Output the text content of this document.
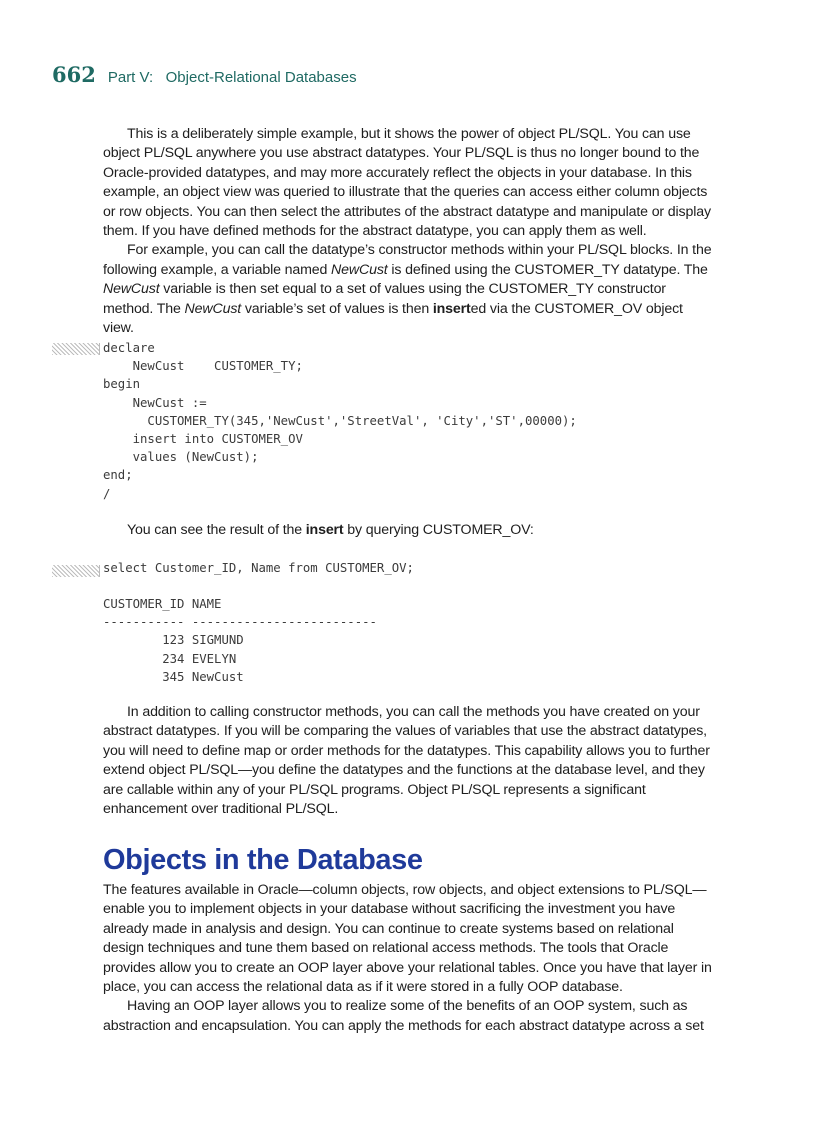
662 Part V:   Object-Relational Databases

This is a deliberately simple example, but it shows the power of object PL/SQL. You can use object PL/SQL anywhere you use abstract datatypes. Your PL/SQL is thus no longer bound to the Oracle-provided datatypes, and may more accurately reflect the objects in your database. In this example, an object view was queried to illustrate that the queries can access either column objects or row objects. You can then select the attributes of the abstract datatype and manipulate or display them. If you have defined methods for the abstract datatype, you can apply them as well.

For example, you can call the datatype’s constructor methods within your PL/SQL blocks. In the following example, a variable named NewCust is defined using the CUSTOMER_TY datatype. The NewCust variable is then set equal to a set of values using the CUSTOMER_TY constructor method. The NewCust variable’s set of values is then inserted via the CUSTOMER_OV object view.

declare
NewCust    CUSTOMER_TY;
begin
NewCust :=
CUSTOMER_TY(345,'NewCust','StreetVal', 'City','ST',00000);
insert into CUSTOMER_OV
values (NewCust);
end;
/

You can see the result of the insert by querying CUSTOMER_OV:

select Customer_ID, Name from CUSTOMER_OV;
CUSTOMER_ID NAME
----------- -------------------------
123 SIGMUND
234 EVELYN
345 NewCust

In addition to calling constructor methods, you can call the methods you have created on your abstract datatypes. If you will be comparing the values of variables that use the abstract datatypes, you will need to define map or order methods for the datatypes. This capability allows you to further extend object PL/SQL—you define the datatypes and the functions at the database level, and they are callable within any of your PL/SQL programs. Object PL/SQL represents a significant enhancement over traditional PL/SQL.

Objects in the Database

The features available in Oracle—column objects, row objects, and object extensions to PL/SQL—enable you to implement objects in your database without sacrificing the investment you have already made in analysis and design. You can continue to create systems based on relational design techniques and tune them based on relational access methods. The tools that Oracle provides allow you to create an OOP layer above your relational tables. Once you have that layer in place, you can access the relational data as if it were stored in a fully OOP database.

Having an OOP layer allows you to realize some of the benefits of an OOP system, such as abstraction and encapsulation. You can apply the methods for each abstract datatype across a set
